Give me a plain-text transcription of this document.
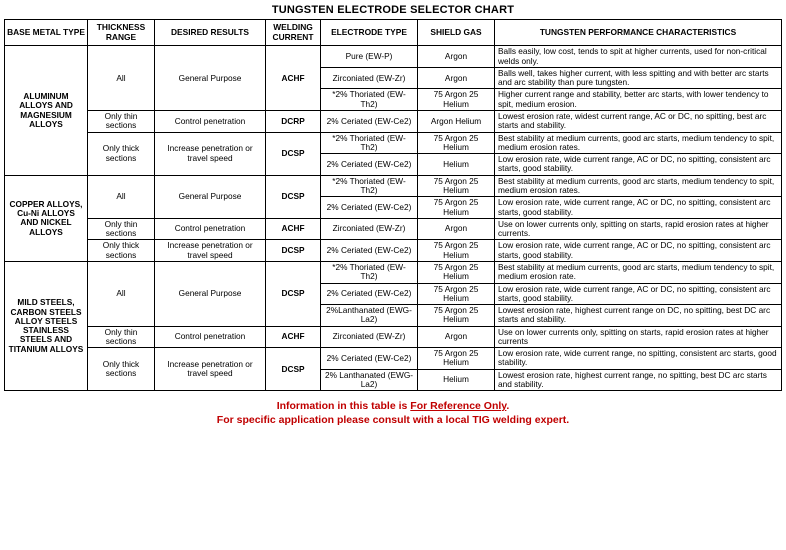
TUNGSTEN ELECTRODE SELECTOR CHART
BASE METAL TYPE	THICKNESS RANGE	DESIRED RESULTS	WELDING CURRENT	ELECTRODE TYPE	SHIELD GAS	TUNGSTEN PERFORMANCE CHARACTERISTICS
ALUMINUM ALLOYS AND MAGNESIUM ALLOYS	All	General Purpose	ACHF	Pure (EW-P)	Argon	Balls easily, low cost, tends to spit at higher currents, used for non-critical welds only.
				Zirconiated (EW-Zr)	Argon	Balls well, takes higher current, with less spitting and with better arc starts and arc stability than pure tungsten.
				*2% Thoriated (EW-Th2)	75 Argon 25 Helium	Higher current range and stability, better arc starts, with lower tendency to spit, medium erosion.
	Only thin sections	Control penetration	DCRP	2% Ceriated (EW-Ce2)	Argon Helium	Lowest erosion rate, widest current range, AC or DC, no spitting, best arc starts and stability.
	Only thick sections	Increase penetration or travel speed	DCSP	*2% Thoriated (EW-Th2)	75 Argon 25 Helium	Best stability at medium currents, good arc starts, medium tendency to spit, medium erosion rates.
				2% Ceriated (EW-Ce2)	Helium	Low erosion rate, wide current range, AC or DC, no spitting, consistent arc starts, good stability.
COPPER ALLOYS, Cu-Ni ALLOYS AND NICKEL ALLOYS	All	General Purpose	DCSP	*2% Thoriated (EW-Th2)	75 Argon 25 Helium	Best stability at medium currents, good arc starts, medium tendency to spit, medium erosion rates.
				2% Ceriated (EW-Ce2)	75 Argon 25 Helium	Low erosion rate, wide current range, AC or DC, no spitting, consistent arc starts, good stability.
	Only thin sections	Control penetration	ACHF	Zirconiated (EW-Zr)	Argon	Use on lower currents only, spitting on starts, rapid erosion rates at higher currents.
	Only thick sections	Increase penetration or travel speed	DCSP	2% Ceriated (EW-Ce2)	75 Argon 25 Helium	Low erosion rate, wide current range, AC or DC, no spitting, consistent arc starts, good stability.
MILD STEELS, CARBON STEELS ALLOY STEELS STAINLESS STEELS AND TITANIUM ALLOYS	All	General Purpose	DCSP	*2% Thoriated (EW-Th2)	75 Argon 25 Helium	Best stability at medium currents, good arc starts, medium tendency to spit, medium erosion rate.
				2% Ceriated (EW-Ce2)	75 Argon 25 Helium	Low erosion rate, wide current range, AC or DC, no spitting, consistent arc starts, good stability.
				2%Lanthanated (EWG-La2)	75 Argon 25 Helium	Lowest erosion rate, highest current range on DC, no spitting, best DC arc starts and stability.
	Only thin sections	Control penetration	ACHF	Zirconiated (EW-Zr)	Argon	Use on lower currents only, spitting on starts, rapid erosion rates at higher currents
	Only thick sections	Increase penetration or travel speed	DCSP	2% Ceriated (EW-Ce2)	75 Argon 25 Helium	Low erosion rate, wide current range, no spitting, consistent arc starts, good stability.
				2% Lanthanated (EWG-La2)	Helium	Lowest erosion rate, highest current range, no spitting, best DC arc starts and stability.
Information in this table is For Reference Only.
For specific application please consult with a local TIG welding expert.
